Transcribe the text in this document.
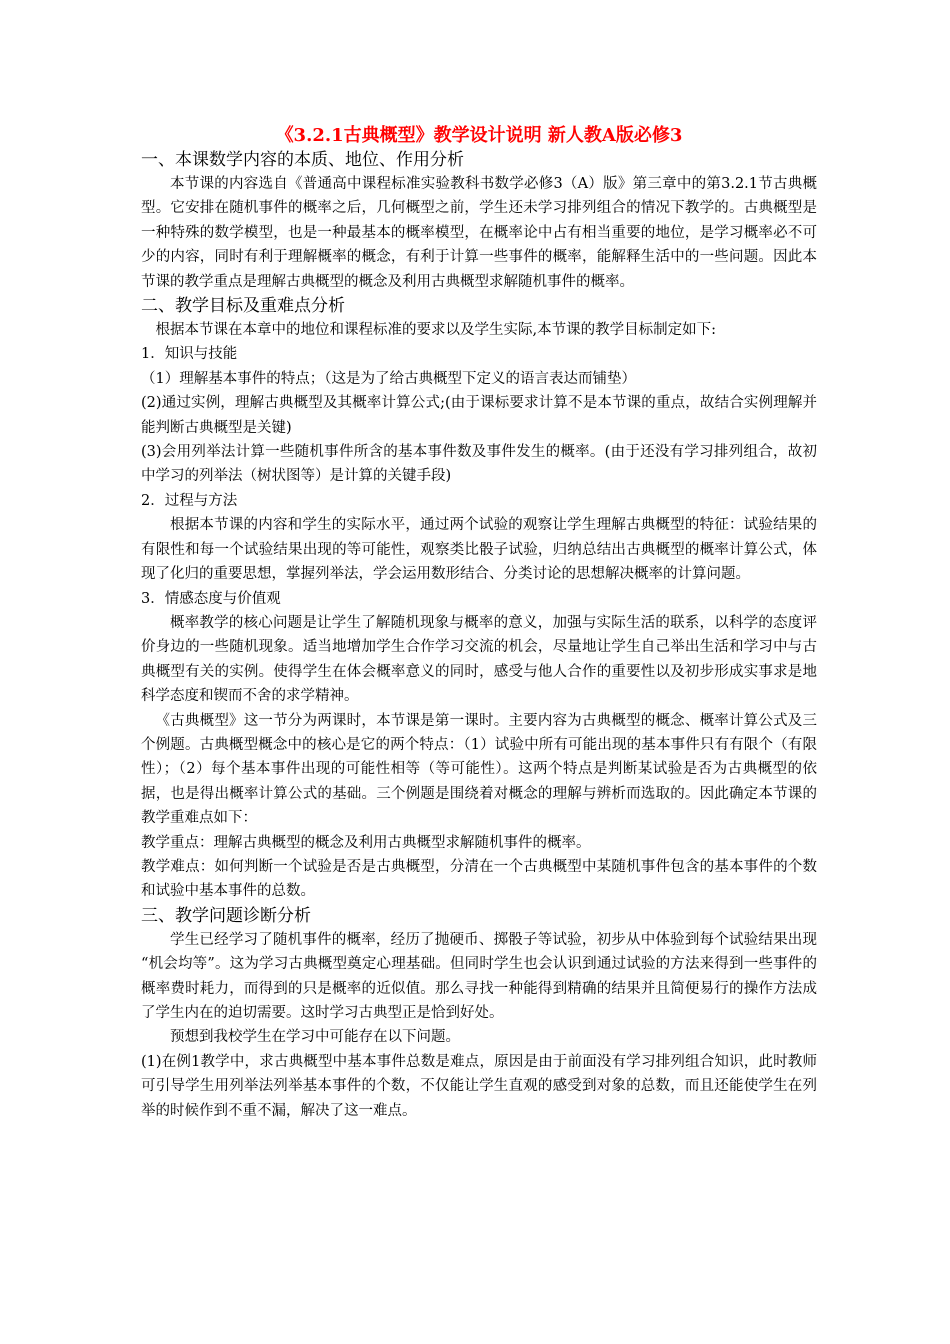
《3.2.1古典概型》教学设计说明 新人教A版必修3

一、本课数学内容的本质、地位、作用分析

本节课的内容选自《普通高中课程标准实验教科书数学必修3（A）版》第三章中的第3.2.1节古典概型。它安排在随机事件的概率之后，几何概型之前，学生还未学习排列组合的情况下教学的。古典概型是一种特殊的数学模型，也是一种最基本的概率模型，在概率论中占有相当重要的地位，是学习概率必不可少的内容，同时有利于理解概率的概念，有利于计算一些事件的概率，能解释生活中的一些问题。因此本节课的教学重点是理解古典概型的概念及利用古典概型求解随机事件的概率。

二、教学目标及重难点分析

根据本节课在本章中的地位和课程标准的要求以及学生实际,本节课的教学目标制定如下:

1．知识与技能

（1）理解基本事件的特点；（这是为了给古典概型下定义的语言表达而铺垫）

(2)通过实例，理解古典概型及其概率计算公式;(由于课标要求计算不是本节课的重点，故结合实例理解并能判断古典概型是关键)

(3)会用列举法计算一些随机事件所含的基本事件数及事件发生的概率。(由于还没有学习排列组合，故初中学习的列举法（树状图等）是计算的关键手段)

2．过程与方法

根据本节课的内容和学生的实际水平，通过两个试验的观察让学生理解古典概型的特征：试验结果的有限性和每一个试验结果出现的等可能性，观察类比骰子试验，归纳总结出古典概型的概率计算公式，体现了化归的重要思想，掌握列举法，学会运用数形结合、分类讨论的思想解决概率的计算问题。

3．情感态度与价值观

概率教学的核心问题是让学生了解随机现象与概率的意义，加强与实际生活的联系，以科学的态度评价身边的一些随机现象。适当地增加学生合作学习交流的机会，尽量地让学生自己举出生活和学习中与古典概型有关的实例。使得学生在体会概率意义的同时，感受与他人合作的重要性以及初步形成实事求是地科学态度和锲而不舍的求学精神。

《古典概型》这一节分为两课时，本节课是第一课时。主要内容为古典概型的概念、概率计算公式及三个例题。古典概型概念中的核心是它的两个特点：（1）试验中所有可能出现的基本事件只有有限个（有限性）；（2）每个基本事件出现的可能性相等（等可能性）。这两个特点是判断某试验是否为古典概型的依据，也是得出概率计算公式的基础。三个例题是围绕着对概念的理解与辨析而选取的。因此确定本节课的教学重难点如下：

教学重点：理解古典概型的概念及利用古典概型求解随机事件的概率。

教学难点：如何判断一个试验是否是古典概型，分清在一个古典概型中某随机事件包含的基本事件的个数和试验中基本事件的总数。

三、教学问题诊断分析

学生已经学习了随机事件的概率，经历了抛硬币、掷骰子等试验，初步从中体验到每个试验结果出现 “机会均等”。这为学习古典概型奠定心理基础。但同时学生也会认识到通过试验的方法来得到一些事件的概率费时耗力，而得到的只是概率的近似值。那么寻找一种能得到精确的结果并且简便易行的操作方法成了学生内在的迫切需要。这时学习古典型正是恰到好处。

预想到我校学生在学习中可能存在以下问题。

(1)在例1教学中，求古典概型中基本事件总数是难点，原因是由于前面没有学习排列组合知识，此时教师可引导学生用列举法列举基本事件的个数，不仅能让学生直观的感受到对象的总数，而且还能使学生在列举的时候作到不重不漏，解决了这一难点。
